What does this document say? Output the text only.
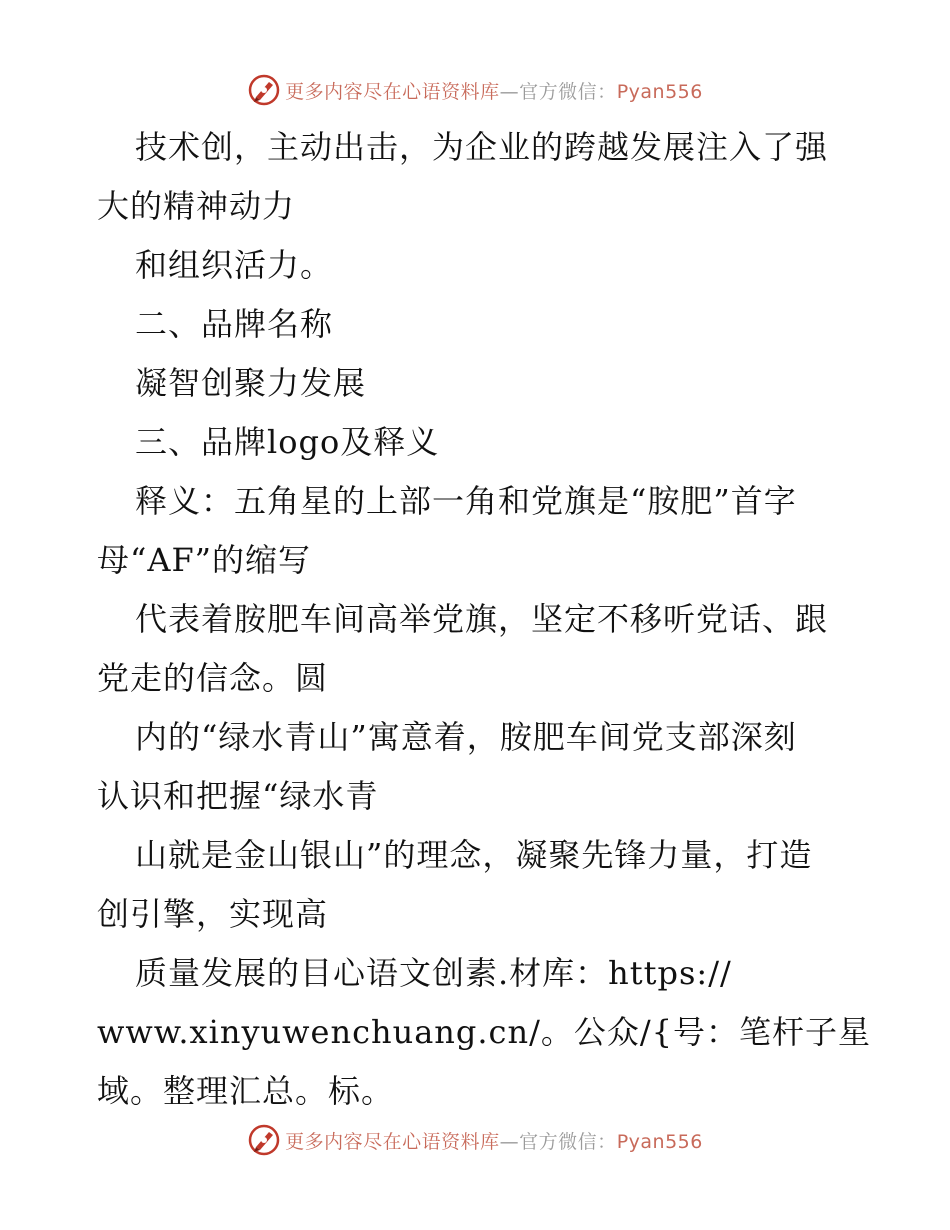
更多内容尽在心语资料库—官方微信：Pyan556
技术创，主动出击，为企业的跨越发展注入了强
大的精神动力
和组织活力。
二、品牌名称
凝智创聚力发展
三、品牌logo及释义
释义：五角星的上部一角和党旗是“胺肥”首字
母“AF”的缩写
代表着胺肥车间高举党旗，坚定不移听党话、跟
党走的信念。圆
内的“绿水青山”寓意着，胺肥车间党支部深刻
认识和把握“绿水青
山就是金山银山”的理念，凝聚先锋力量，打造
创引擎，实现高
质量发展的目心语文创素.材库：https://
www.xinyuwenchuang.cn/。公众/{号：笔杆子星
域。整理汇总。标。
更多内容尽在心语资料库—官方微信：Pyan556
